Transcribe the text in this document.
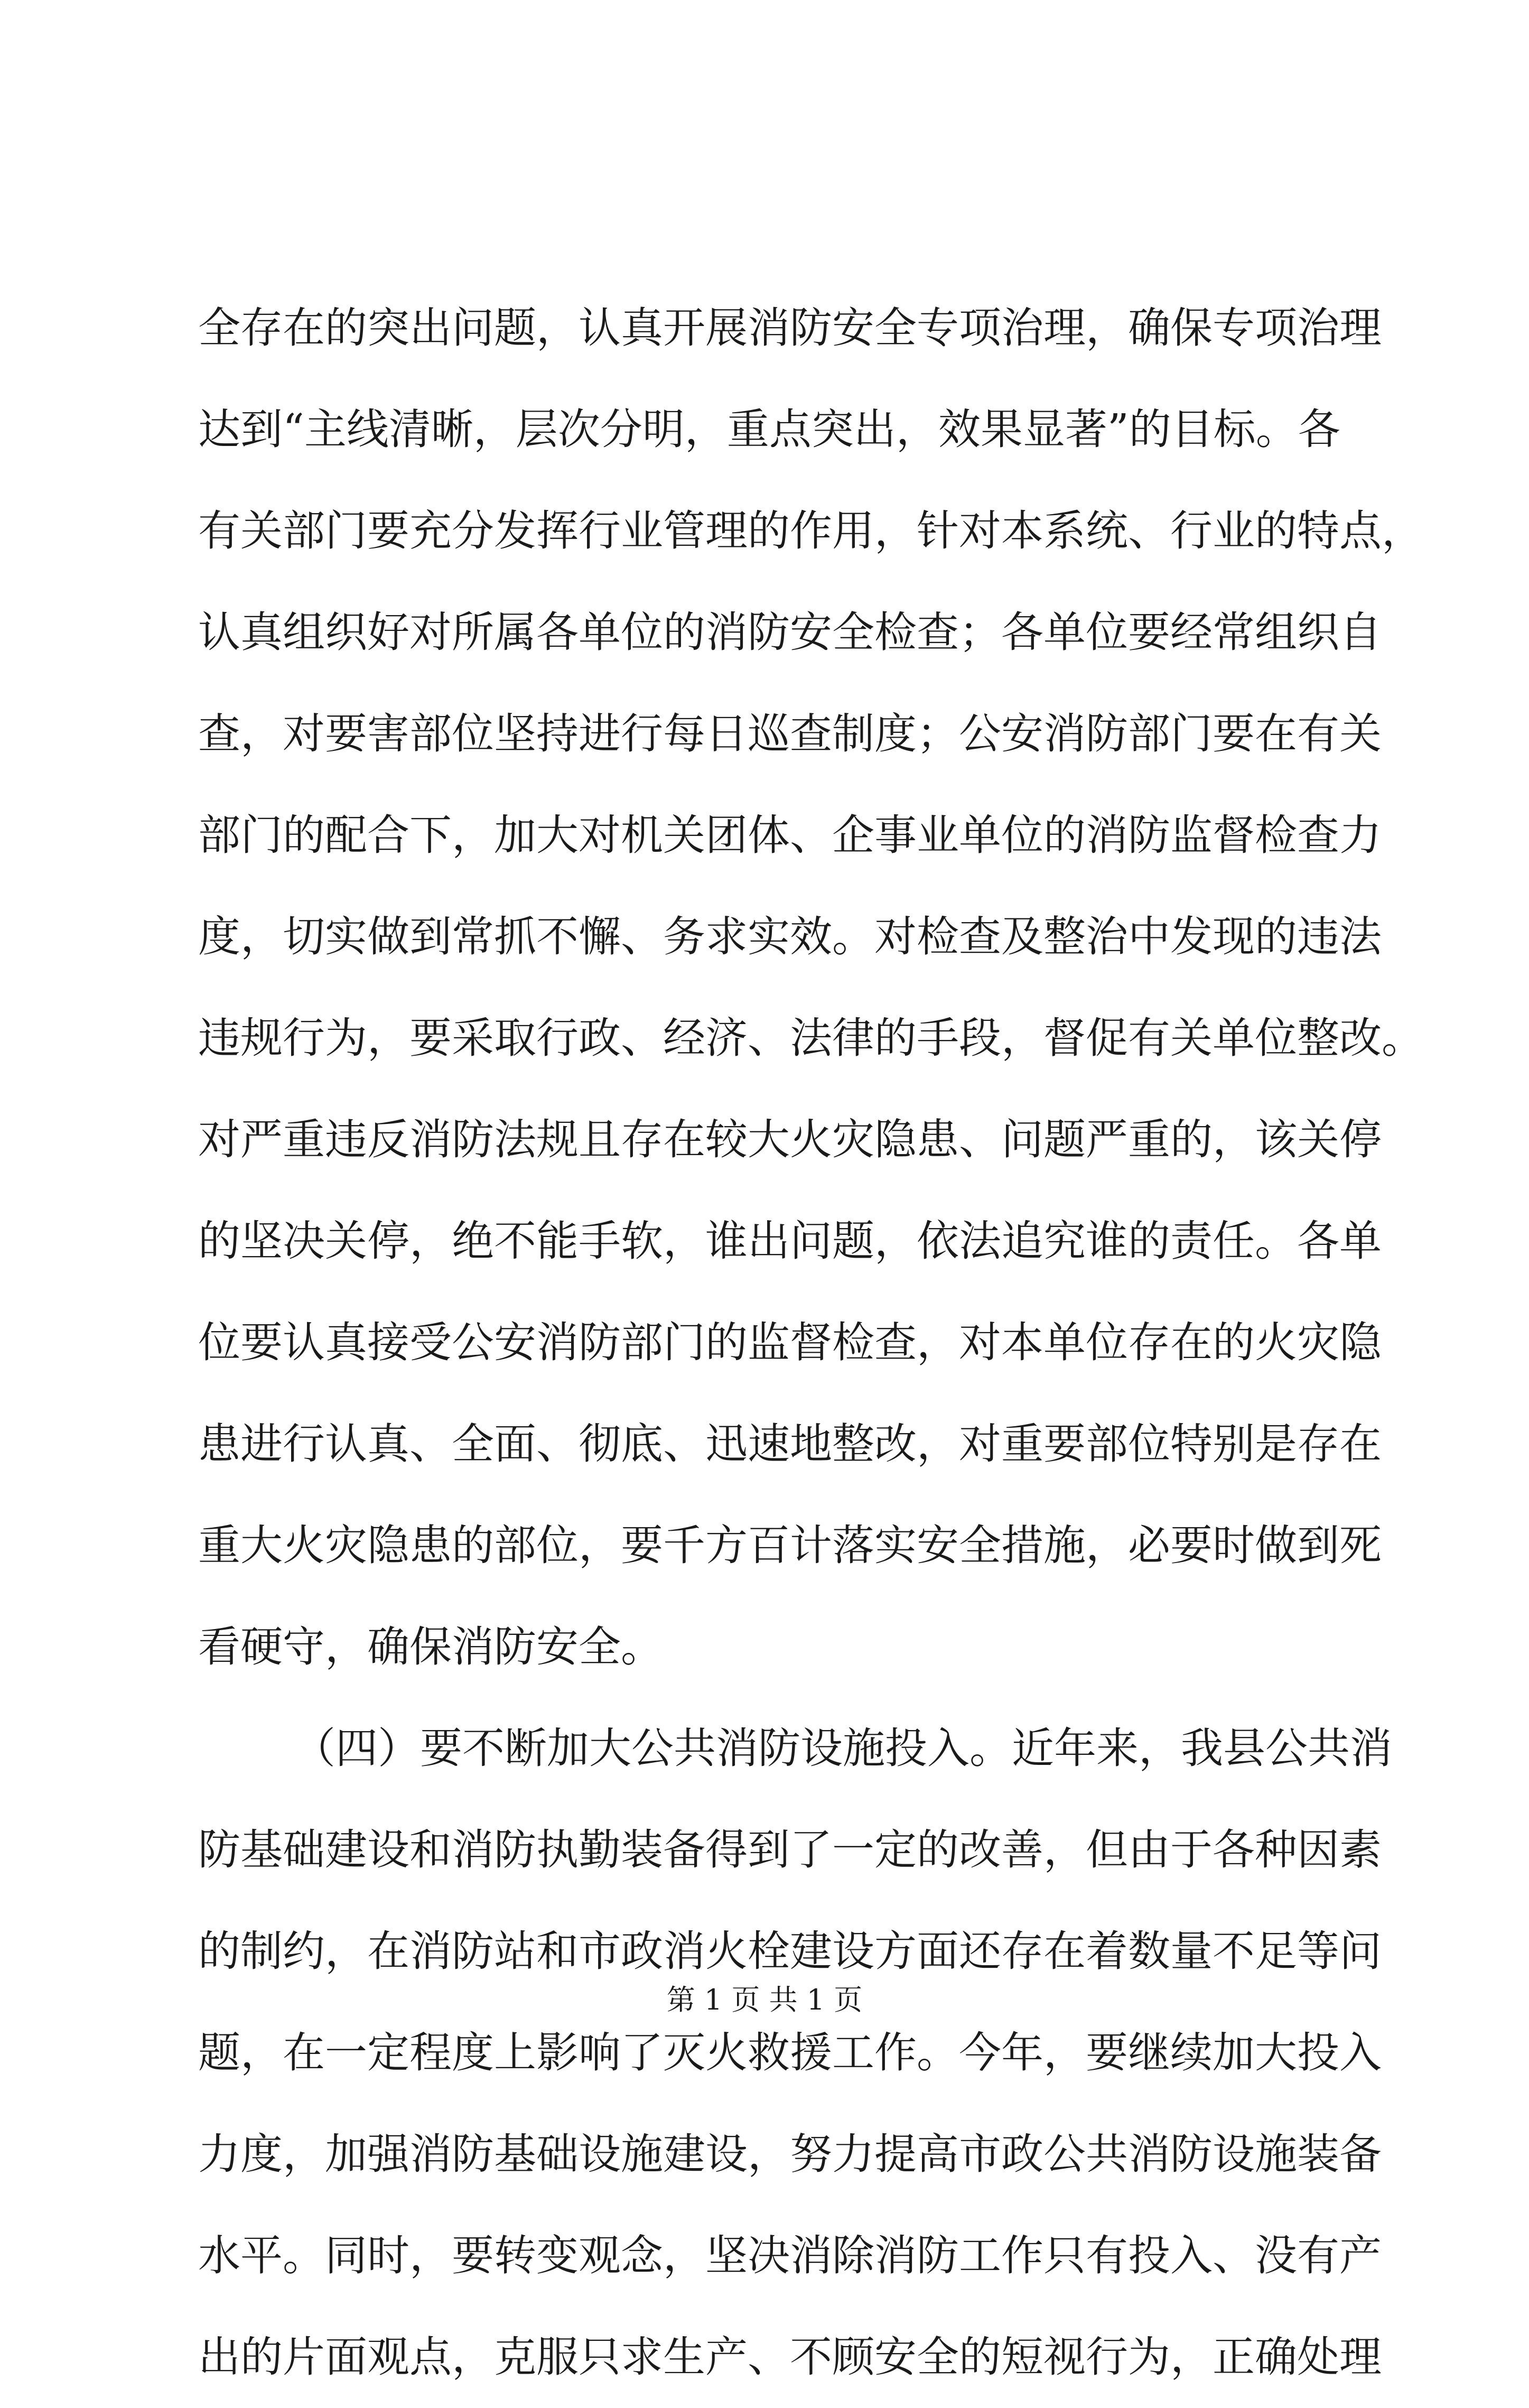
全存在的突出问题，认真开展消防安全专项治理，确保专项治理
达到“主线清晰，层次分明，重点突出，效果显著”的目标。各
有关部门要充分发挥行业管理的作用，针对本系统、行业的特点，
认真组织好对所属各单位的消防安全检查；各单位要经常组织自
查，对要害部位坚持进行每日巡查制度；公安消防部门要在有关
部门的配合下，加大对机关团体、企事业单位的消防监督检查力
度，切实做到常抓不懈、务求实效。对检查及整治中发现的违法
违规行为，要采取行政、经济、法律的手段，督促有关单位整改。
对严重违反消防法规且存在较大火灾隐患、问题严重的，该关停
的坚决关停，绝不能手软，谁出问题，依法追究谁的责任。各单
位要认真接受公安消防部门的监督检查，对本单位存在的火灾隐
患进行认真、全面、彻底、迅速地整改，对重要部位特别是存在
重大火灾隐患的部位，要千方百计落实安全措施，必要时做到死
看硬守，确保消防安全。
（四）要不断加大公共消防设施投入。近年来，我县公共消
防基础建设和消防执勤装备得到了一定的改善，但由于各种因素
的制约，在消防站和市政消火栓建设方面还存在着数量不足等问
题，在一定程度上影响了灭火救援工作。今年，要继续加大投入
力度，加强消防基础设施建设，努力提高市政公共消防设施装备
水平。同时，要转变观念，坚决消除消防工作只有投入、没有产
出的片面观点，克服只求生产、不顾安全的短视行为，正确处理
第 1 页 共 1 页
